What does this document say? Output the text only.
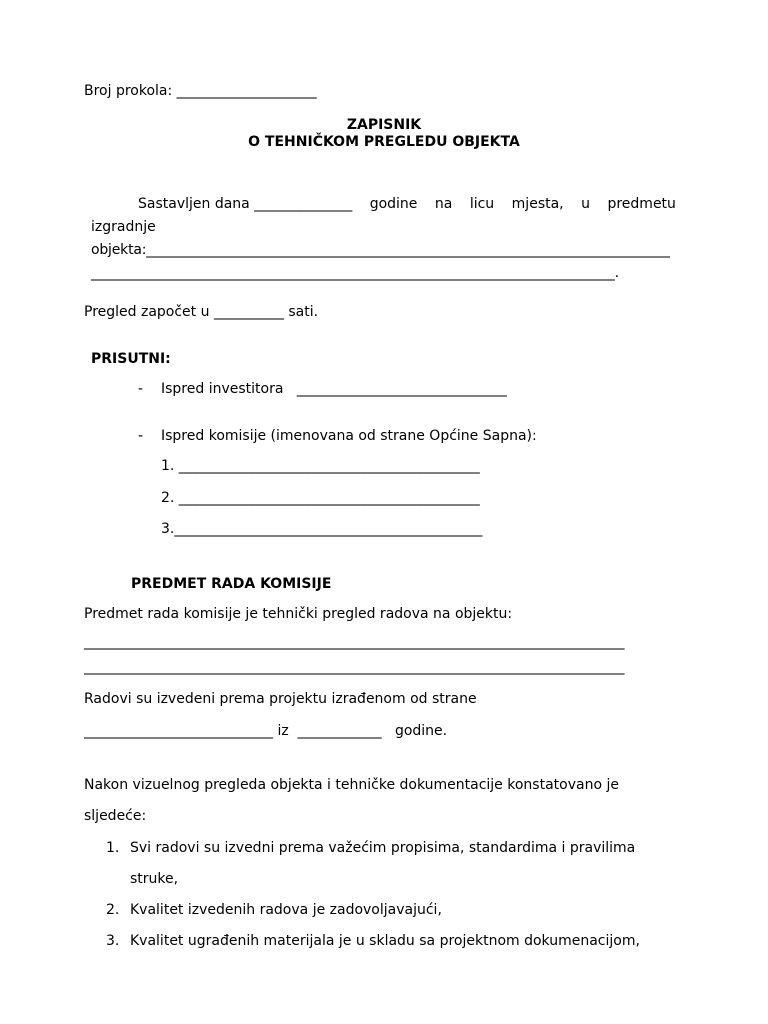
Broj prokola: ____________________

ZAPISNIK

O TEHNIČKOM PREGLEDU OBJEKTA

Sastavljen dana ______________ godine na licu mjesta, u predmetu

izgradnje

objekta:_____________________________________________________________________________

_____________________________________________________________________________.

Pregled započet u __________ sati.

PRISUTNI:

- Ispred investitora   ______________________________

- Ispred komisije (imenovana od strane Općine Sapna):

1. ___________________________________________

2. ___________________________________________

3.____________________________________________

PREDMET RADA KOMISIJE

Predmet rada komisije je tehnički pregled radova na objektu:

_______________________________________________________________________________

_______________________________________________________________________________

Radovi su izvedeni prema projektu izrađenom od strane

___________________________ iz  ____________   godine.

Nakon vizuelnog pregleda objekta i tehničke dokumentacije konstatovano je

sljedeće:

1. Svi radovi su izvedni prema važećim propisima, standardima i pravilima

struke,

2. Kvalitet izvedenih radova je zadovoljavajući,

3. Kvalitet ugrađenih materijala je u skladu sa projektnom dokumenacijom,
